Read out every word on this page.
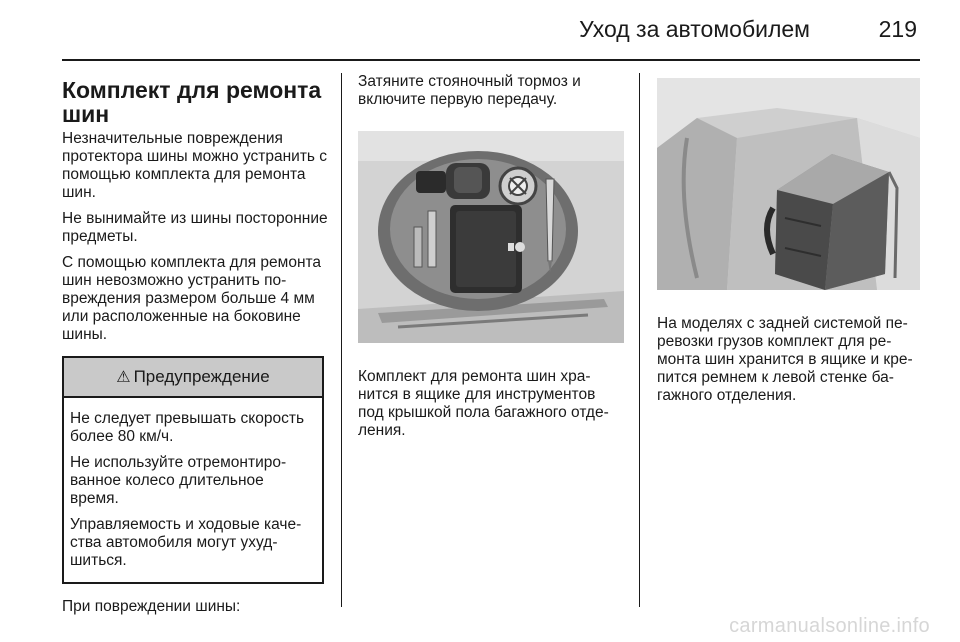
Уход за автомобилем	219
Комплект для ремонта шин

Незначительные повреждения протектора шины можно устранить с помощью комплекта для ремонта шин.

Не вынимайте из шины посторонние предметы.

С помощью комплекта для ремонта шин невозможно устранить повреждения размером больше 4 мм или расположенные на боковине шины.

⚠ Предупреждение

Не следует превышать скорость более 80 км/ч.

Не используйте отремонтированное колесо длительное время.

Управляемость и ходовые качества автомобиля могут ухудшиться.

При повреждении шины:

Затяните стояночный тормоз и включите первую передачу.

Комплект для ремонта шин хранится в ящике для инструментов под крышкой пола багажного отделения.

На моделях с задней системой перевозки грузов комплект для ремонта шин хранится в ящике и крепится ремнем к левой стенке багажного отделения.

carmanualsonline.info
